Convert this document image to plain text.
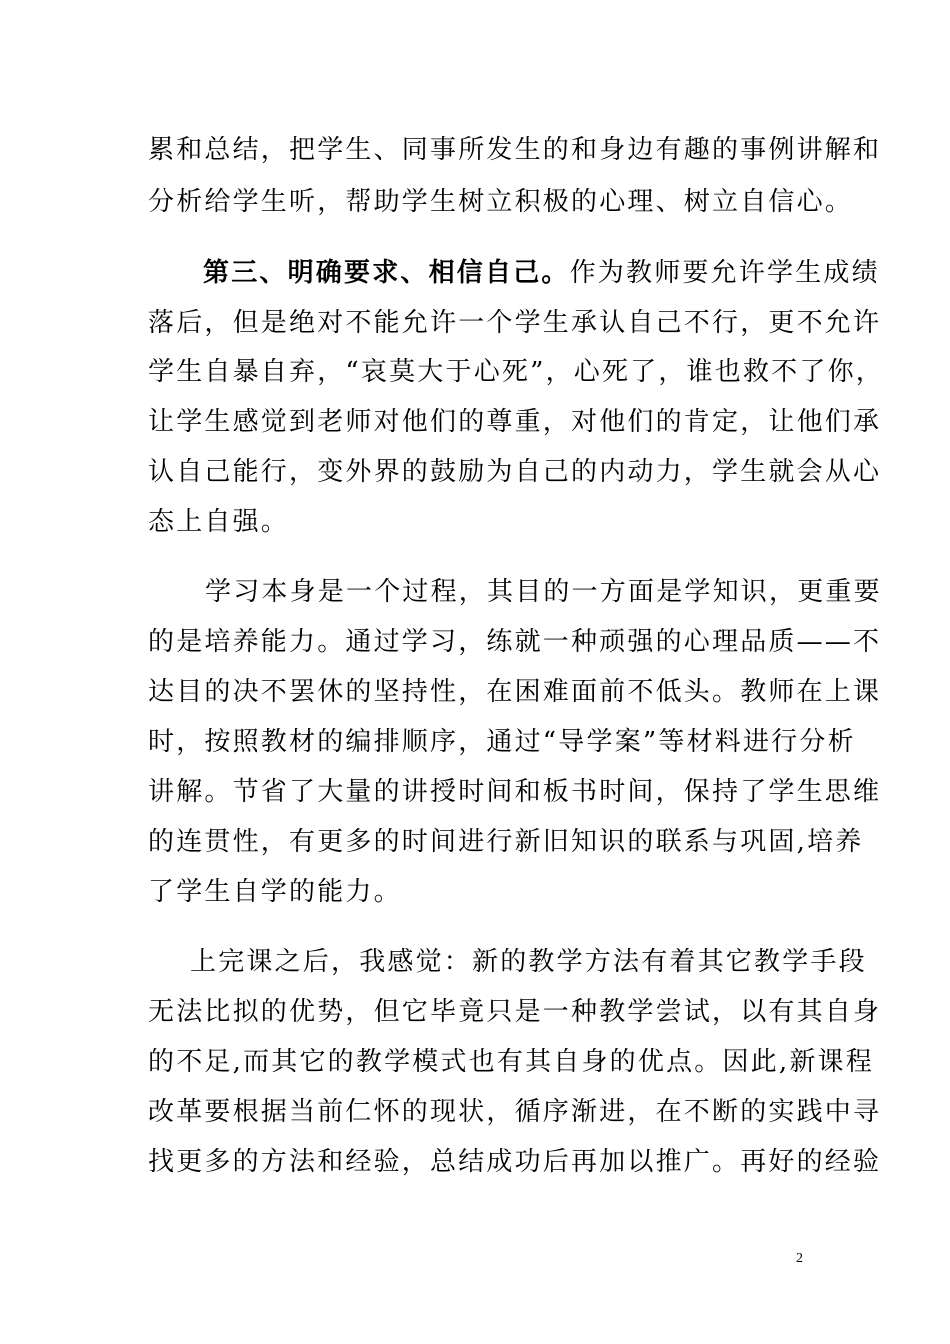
累和总结，把学生、同事所发生的和身边有趣的事例讲解和
分析给学生听，帮助学生树立积极的心理、树立自信心。
第三、明确要求、相信自己。作为教师要允许学生成绩
落后，但是绝对不能允许一个学生承认自己不行，更不允许
学生自暴自弃，“哀莫大于心死”，心死了，谁也救不了你，
让学生感觉到老师对他们的尊重，对他们的肯定，让他们承
认自己能行，变外界的鼓励为自己的内动力，学生就会从心
态上自强。
学习本身是一个过程，其目的一方面是学知识，更重要
的是培养能力。通过学习，练就一种顽强的心理品质——不
达目的决不罢休的坚持性，在困难面前不低头。教师在上课
时，按照教材的编排顺序，通过“导学案”等材料进行分析
讲解。节省了大量的讲授时间和板书时间，保持了学生思维
的连贯性，有更多的时间进行新旧知识的联系与巩固,培养
了学生自学的能力。
上完课之后，我感觉：新的教学方法有着其它教学手段
无法比拟的优势，但它毕竟只是一种教学尝试，以有其自身
的不足,而其它的教学模式也有其自身的优点。因此,新课程
改革要根据当前仁怀的现状，循序渐进，在不断的实践中寻
找更多的方法和经验，总结成功后再加以推广。再好的经验
2
